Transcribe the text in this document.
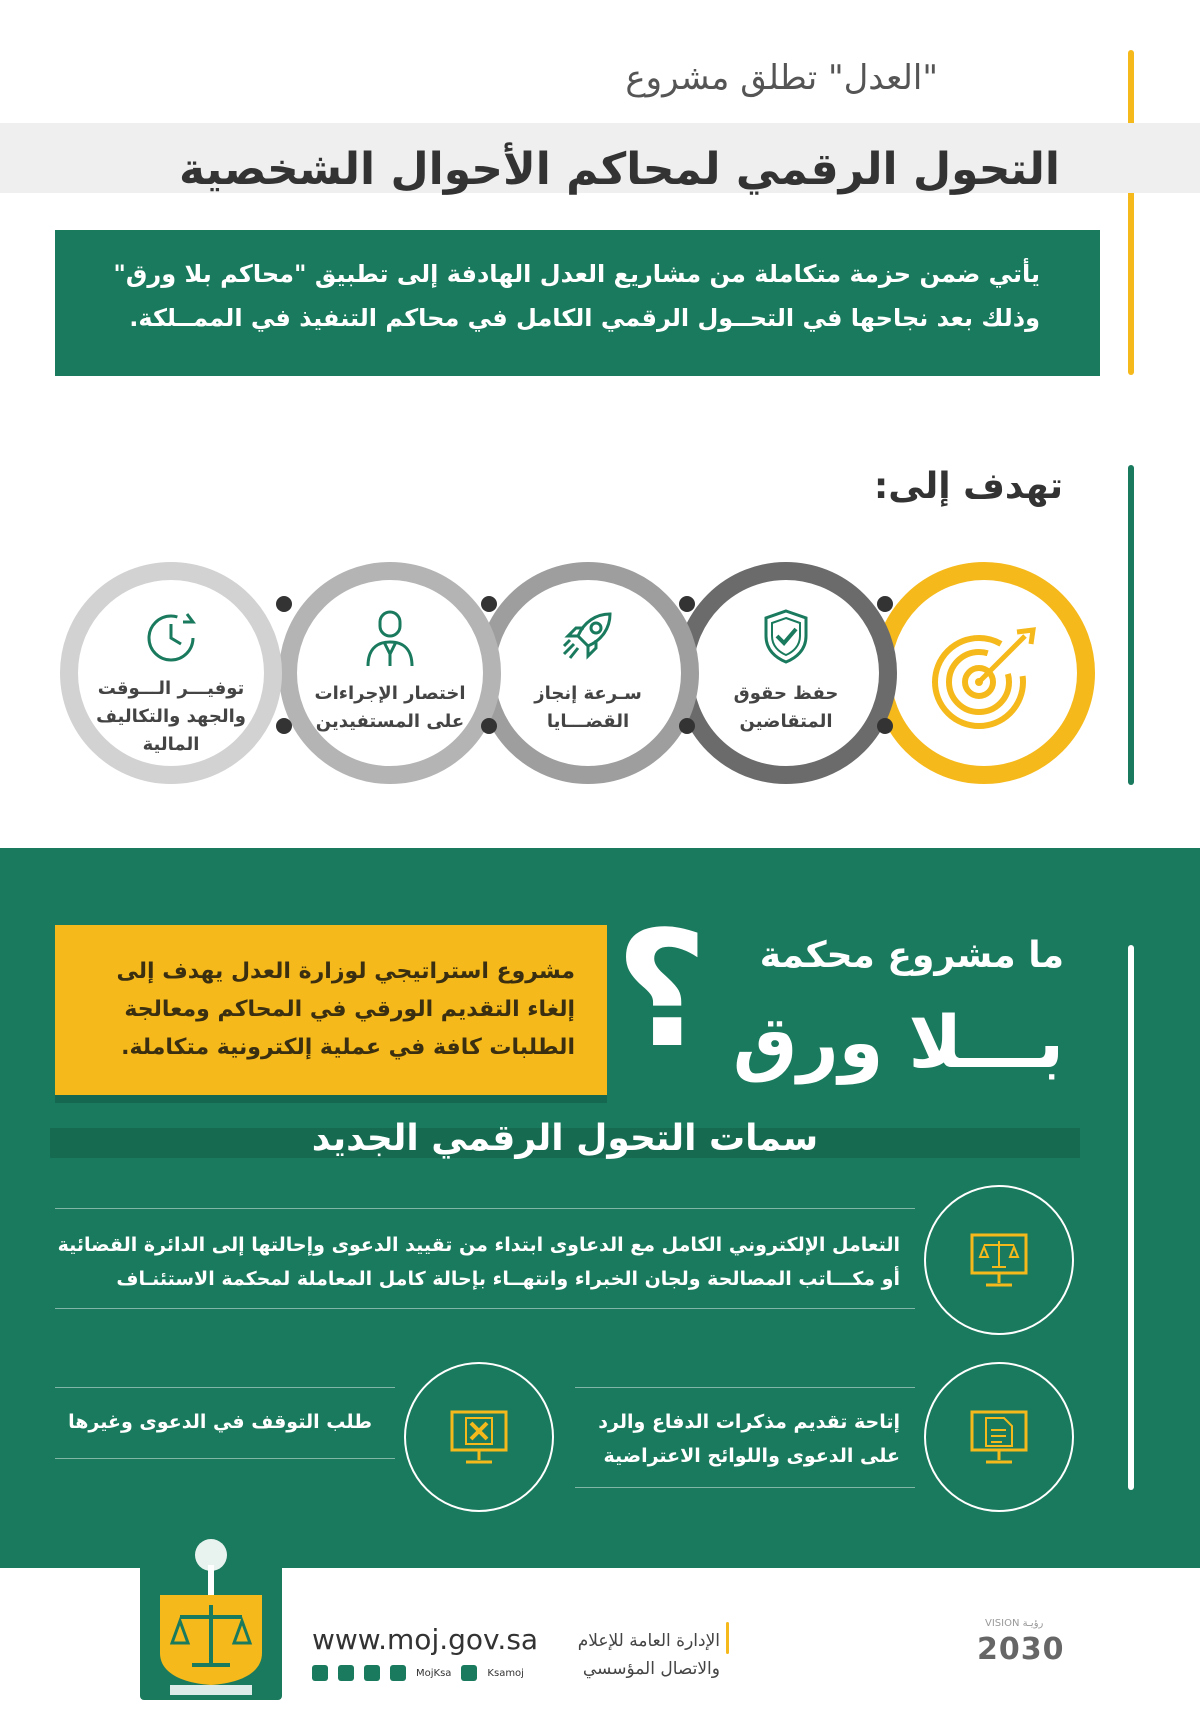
"العدل" تطلق مشروع
التحول الرقمي لمحاكم الأحوال الشخصية
يأتي ضمن حزمة متكاملة من مشاريع العدل الهادفة إلى تطبيق "محاكم بلا ورق"
وذلك بعد نجاحها في التحــول الرقمي الكامل في محاكم التنفيذ في الممــلكة.
تهدف إلى:
حفظ حقوق
المتقاضين
سـرعة إنجاز
القضـــايا
اختصار الإجراءات
على المستفيدين
توفيـــر الـــوقت
والجهد والتكاليف
المالية
ما مشروع محكمة
بـــلا ورق
؟
مشروع استراتيجي لوزارة العدل يهدف إلى
إلغاء التقديم الورقي في المحاكم ومعالجة
الطلبات كافة في عملية إلكترونية متكاملة.
سمات التحول الرقمي الجديد
التعامل الإلكتروني الكامل مع الدعاوى ابتداء من تقييد الدعوى وإحالتها إلى الدائرة القضائية
أو مكـــاتب المصالحة ولجان الخبراء وانتهــاء بإحالة كامل المعاملة لمحكمة الاستئنـاف
إتاحة تقديم مذكرات الدفاع والرد
على الدعوى واللوائح الاعتراضية
طلب التوقف في الدعوى وغيرها
www.moj.gov.sa
MojKsa	Ksamoj
الإدارة العامة للإعلام
والاتصال المؤسسي
VISION رؤيـة
2030
